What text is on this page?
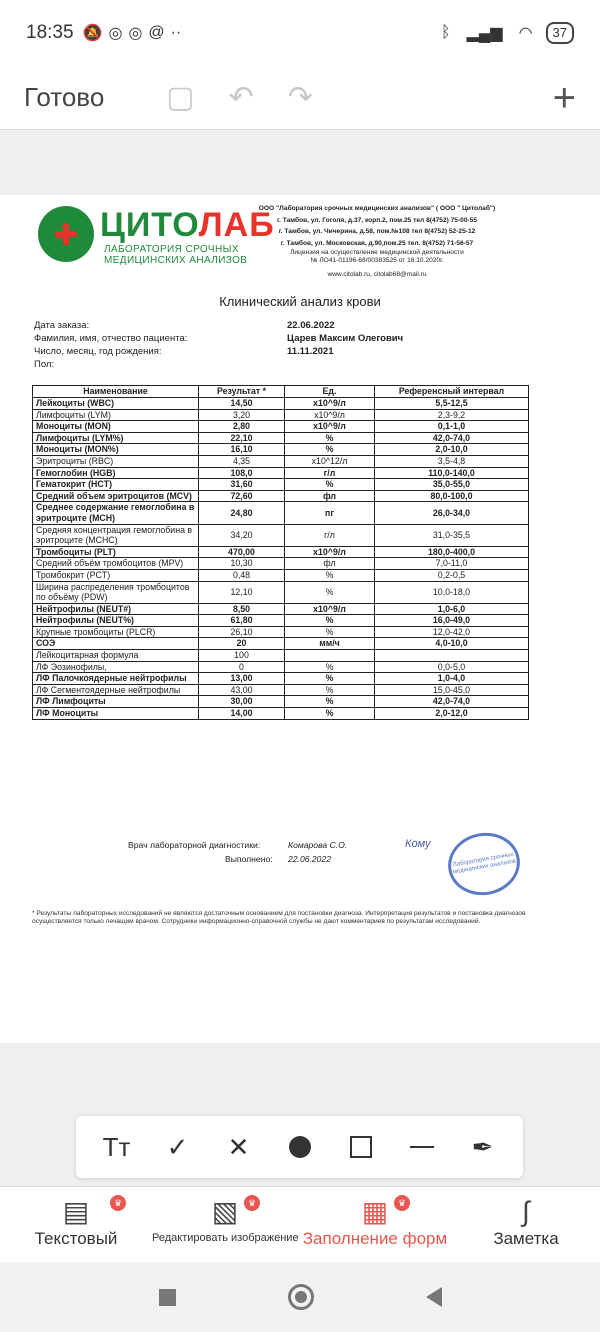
18:35 🔕 ◎ ◎ @ ··	ᛒ ▂▄▆ ◠	37
Готово ▢ ↶ ↷	+
ЦИТОЛАБ
ЛАБОРАТОРИЯ СРОЧНЫХ
МЕДИЦИНСКИХ АНАЛИЗОВ
ООО "Лаборатория срочных медицинских анализов" ( ООО " Цитолаб")
г. Тамбов, ул. Гоголя, д.37, корп.2, пом.25 тел 8(4752) 75-00-55
г. Тамбов, ул. Чичерина, д.58, пом.№108 тел 8(4752) 52-25-12
г. Тамбов, ул. Московская, д.90,пом.25 тел. 8(4752) 71-56-57
Лицензия на осуществление медицинской деятельности
№ ЛО41-01196-68/00383525 от 16.10.2020г.
www.citolab.ru, citolab68@mail.ru
Клинический анализ крови
Дата заказа:	22.06.2022
Фамилия, имя, отчество пациента:	Царев Максим Олегович
Число, месяц, год рождения:	11.11.2021
Пол:
Наименование	Результат *	Ед.	Референсный интервал
Лейкоциты (WBC)	14,50	x10^9/л	5,5-12,5
Лимфоциты (LYM)	3,20	x10^9/л	2,3-9,2
Моноциты (MON)	2,80	x10^9/л	0,1-1,0
Лимфоциты (LYM%)	22,10	%	42,0-74,0
Моноциты (MON%)	16,10	%	2,0-10,0
Эритроциты (RBC)	4,35	x10^12/л	3,5-4,8
Гемоглобин (HGB)	108,0	г/л	110,0-140,0
Гематокрит (HCT)	31,60	%	35,0-55,0
Средний объем эритроцитов (MCV)	72,60	фл	80,0-100,0
Среднее содержание гемоглобина в эритроците (MCH)	24,80	пг	26,0-34,0
Средняя концентрация гемоглобина в эритроците (MCHC)	34,20	г/л	31,0-35,5
Тромбоциты (PLT)	470,00	x10^9/л	180,0-400,0
Средний объём тромбоцитов (MPV)	10,30	фл	7,0-11,0
Тромбокрит (PCT)	0,48	%	0,2-0,5
Ширина распределения тромбоцитов по объёму (PDW)	12,10	%	10,0-18,0
Нейтрофилы (NEUT#)	8,50	x10^9/л	1,0-6,0
Нейтрофилы (NEUT%)	61,80	%	16,0-49,0
Крупные тромбоциты (PLCR)	26,10	%	12,0-42,0
СОЭ	20	мм/ч	4,0-10,0
Лейкоцитарная формула	100		
ЛФ Эозинофилы,	0	%	0,0-5,0
ЛФ Палочкоядерные нейтрофилы	13,00	%	1,0-4,0
ЛФ Сегментоядерные нейтрофилы	43,00	%	15,0-45,0
ЛФ Лимфоциты	30,00	%	42,0-74,0
ЛФ Моноциты	14,00	%	2,0-12,0
Врач лабораторной диагностики:	Комарова С.О.
Выполнено: 22.06.2022
Кому
Лаборатория срочных медицинских анализов
* Результаты лабораторных исследований не являются достаточным основанием для постановки диагноза. Интерпретация результатов и постановка диагнозов осуществляется только лечащим врачом. Сотрудники информационно-справочной службы не дают комментариев по результатам исследований.
Tт	✓	✕	✒
▤	♛
Текстовый
▧	♛
Редактировать изображение
▦	♛
Заполнение форм
∫
Заметка
